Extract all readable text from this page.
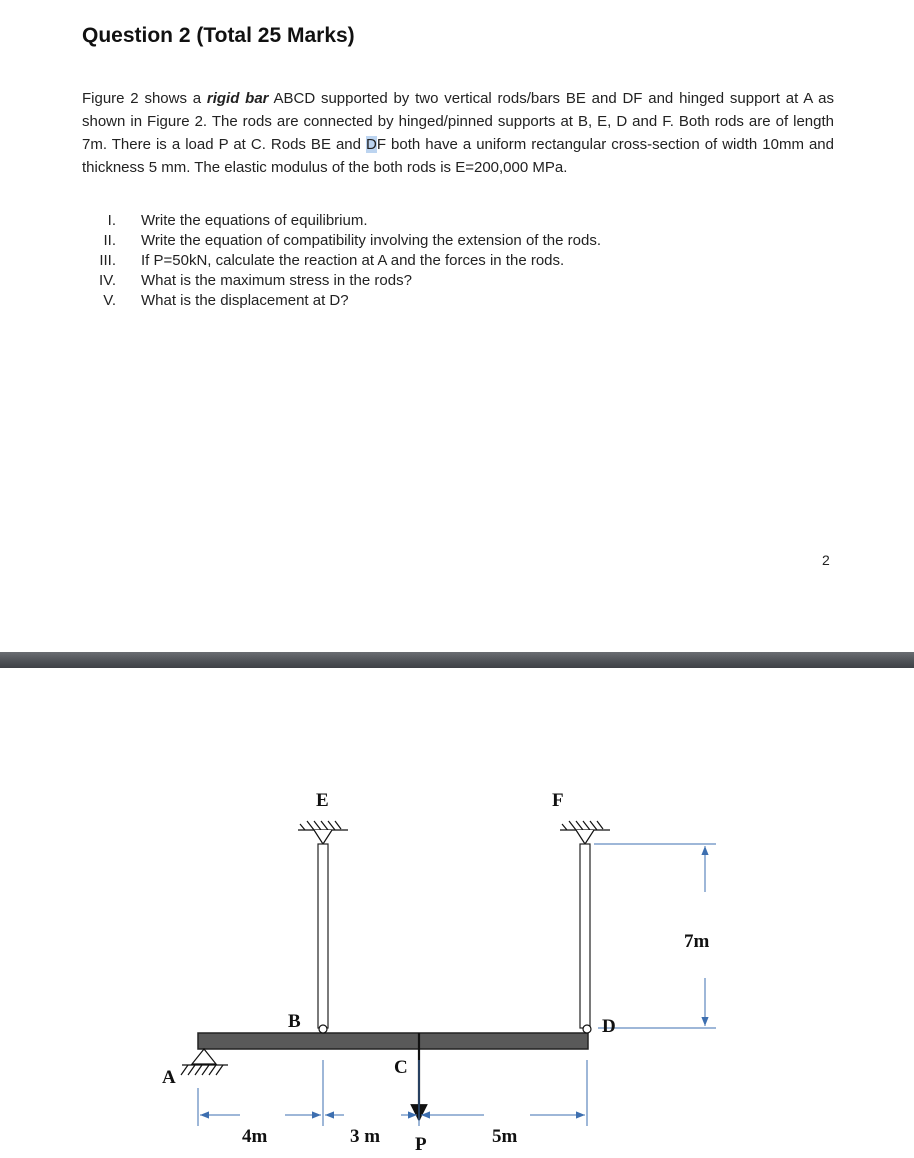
Question 2 (Total 25 Marks)

Figure 2 shows a rigid bar ABCD supported by two vertical rods/bars BE and DF and hinged support at A as shown in Figure 2. The rods are connected by hinged/pinned supports at B, E, D and F. Both rods are of length 7m. There is a load P at C. Rods BE and DF both have a uniform rectangular cross-section of width 10mm and thickness 5 mm. The elastic modulus of the both rods is E=200,000 MPa.

I. Write the equations of equilibrium.
II. Write the equation of compatibility involving the extension of the rods.
III. If P=50kN, calculate the reaction at A and the forces in the rods.
IV. What is the maximum stress in the rods?
V. What is the displacement at D?
2
E	F
B	D
A	C
P
4m	3 m	5m
7m
